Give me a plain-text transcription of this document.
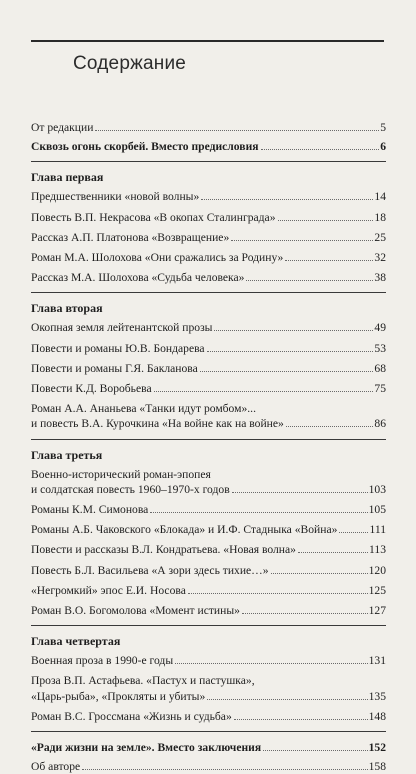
Содержание
От редакции	5
Сквозь огонь скорбей. Вместо предисловия	6
Глава первая
Предшественники «новой волны»	14
Повесть В.П. Некрасова «В окопах Сталинграда»	18
Рассказ А.П. Платонова «Возвращение»	25
Роман М.А. Шолохова «Они сражались за Родину»	32
Рассказ М.А. Шолохова «Судьба человека»	38
Глава вторая
Окопная земля лейтенантской прозы	49
Повести и романы Ю.В. Бондарева	53
Повести и романы Г.Я. Бакланова	68
Повести К.Д. Воробьева	75
Роман А.А. Ананьева «Танки идут ромбом»...
и повесть В.А. Курочкина «На войне как на войне»	86
Глава третья
Военно-исторический роман-эпопея
и солдатская повесть 1960–1970-х годов	103
Романы К.М. Симонова	105
Романы А.Б. Чаковского «Блокада» и И.Ф. Стадныка «Война»	111
Повести и рассказы В.Л. Кондратьева. «Новая волна»	113
Повесть Б.Л. Васильева «А зори здесь тихие…»	120
«Негромкий» эпос Е.И. Носова	125
Роман В.О. Богомолова «Момент истины»	127
Глава четвертая
Военная проза в 1990-е годы	131
Проза В.П. Астафьева. «Пастух и пастушка»,
«Царь-рыба», «Прокляты и убиты»	135
Роман В.С. Гроссмана «Жизнь и судьба»	148
«Ради жизни на земле». Вместо заключения	152
Об авторе	158
